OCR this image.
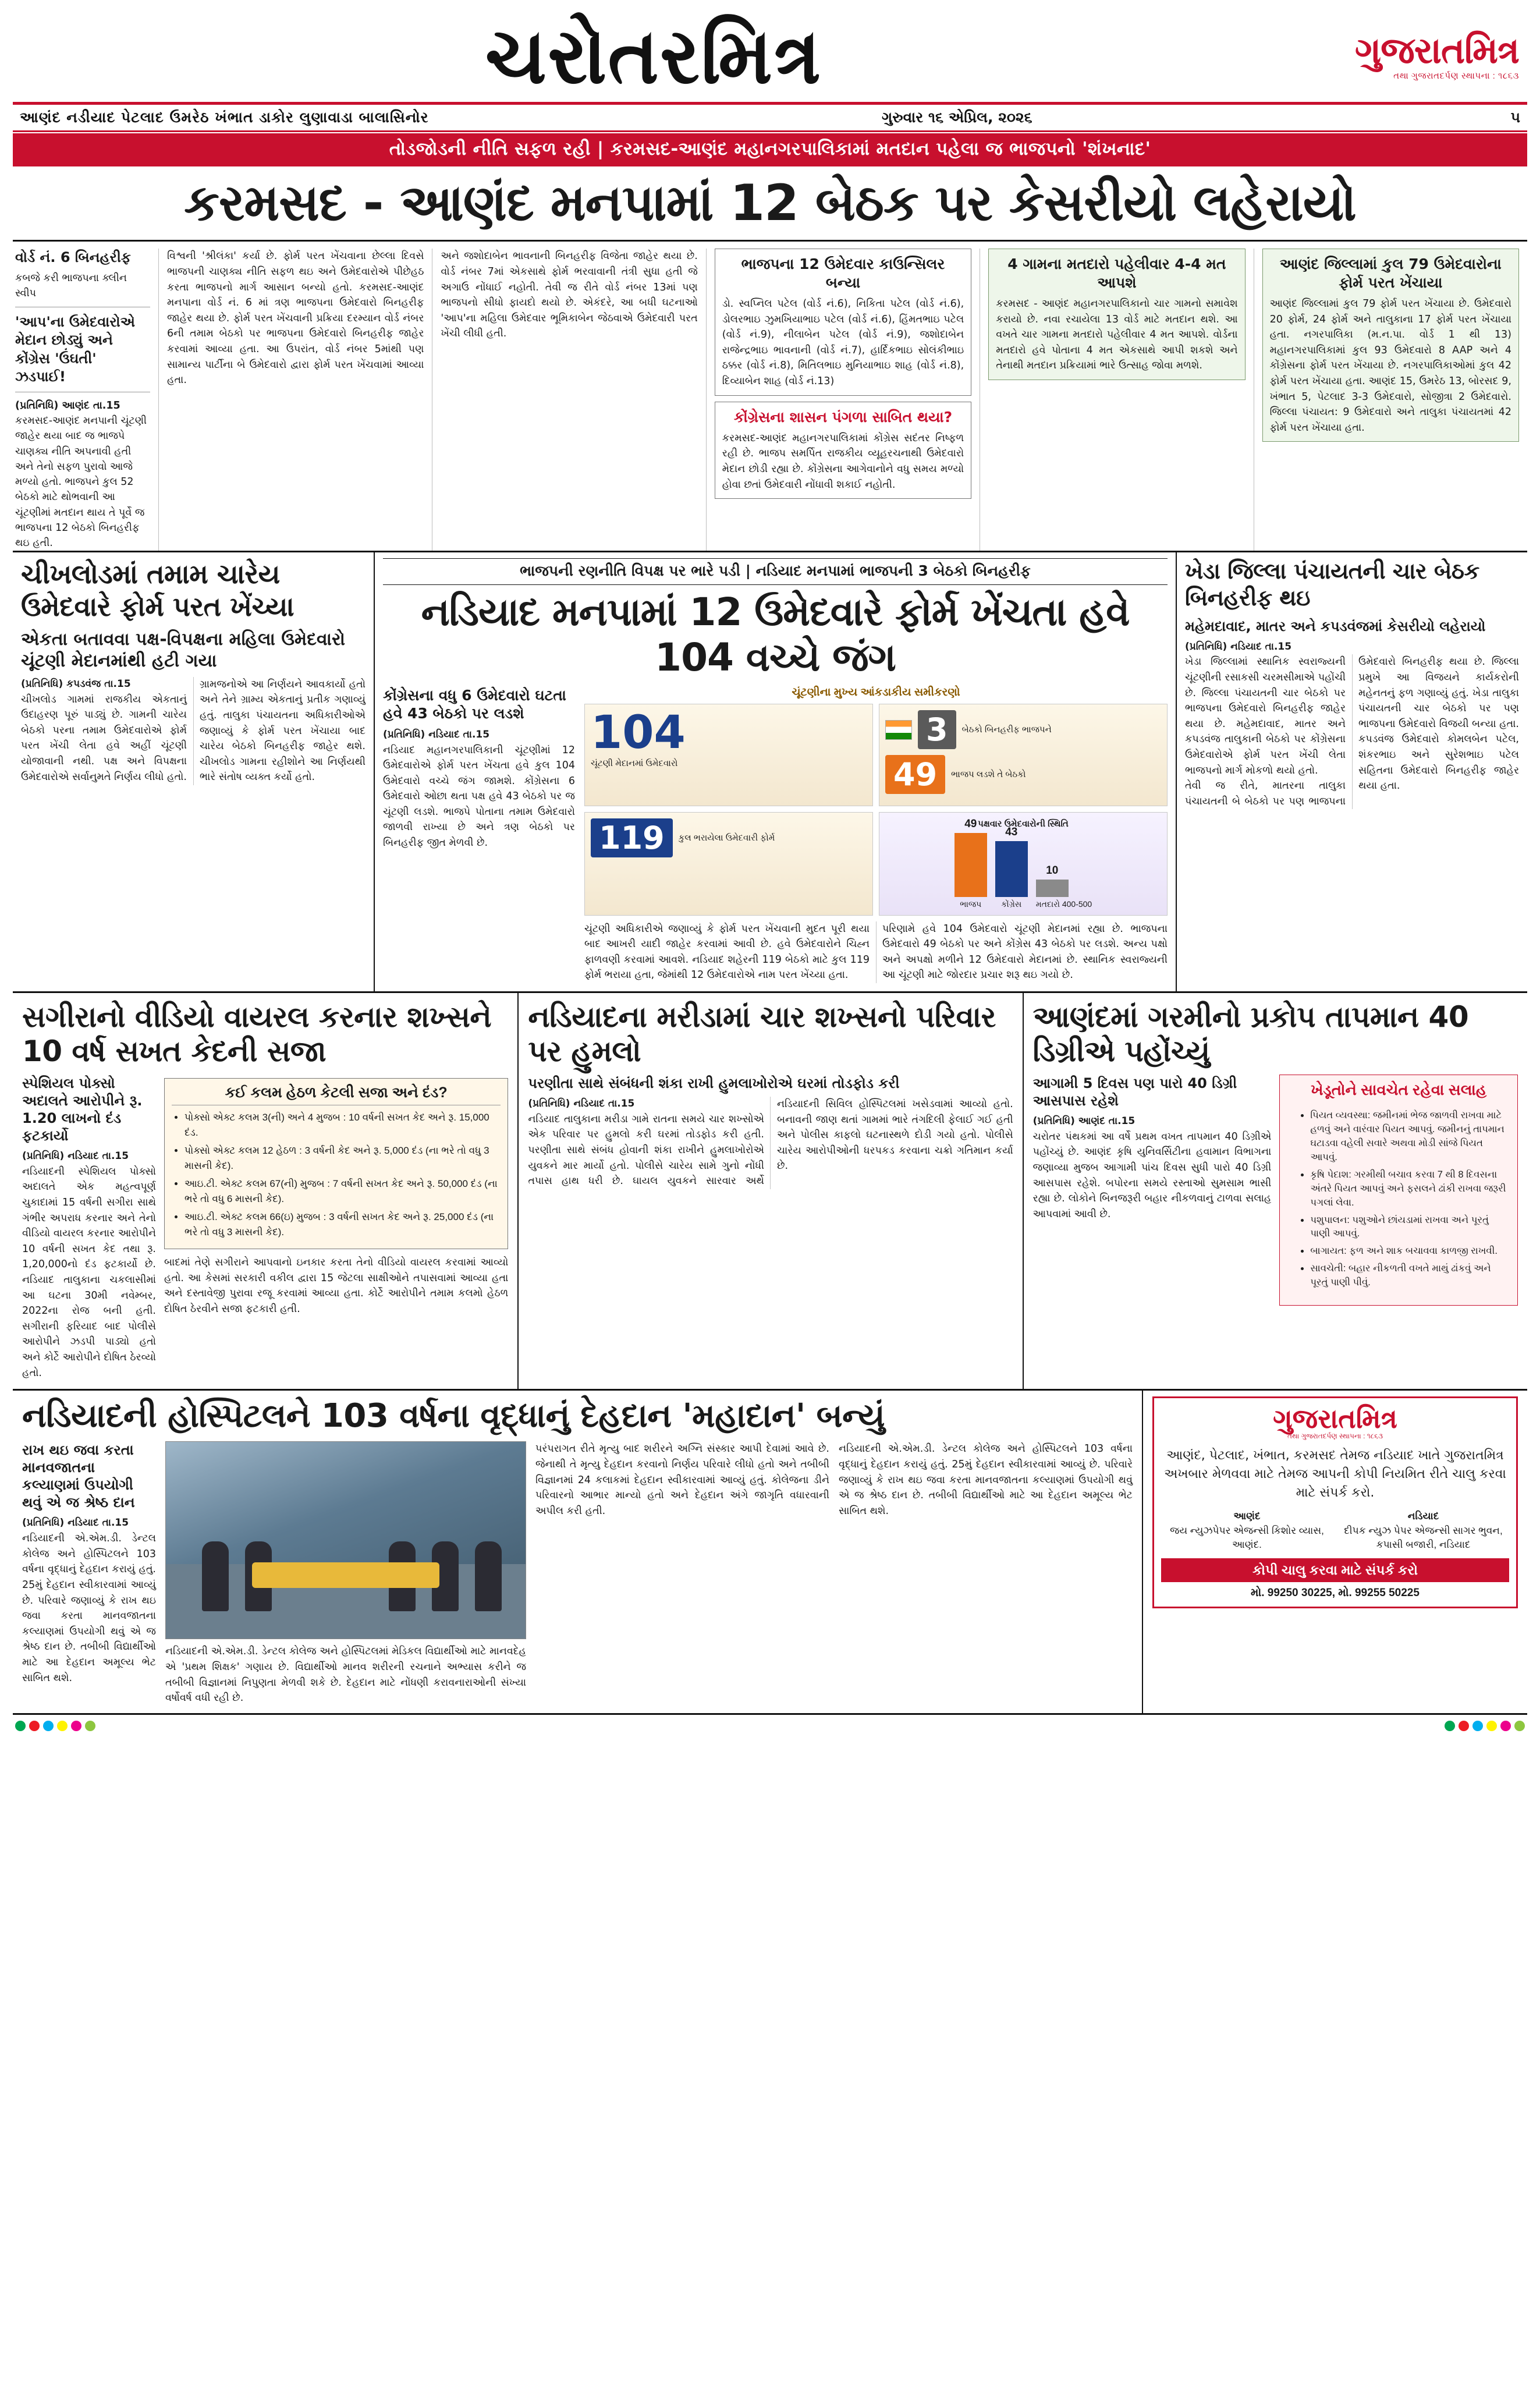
ચરોતરમિત્ર	ગુજરાતમિત્ર
તથા ગુજરાતદર્પણ સ્થાપના : ૧૮૬૩
આણંદ નડીયાદ પેટલાદ ઉમરેઠ ખંભાત ડાકોર લુણાવાડા બાલાસિનોર	ગુરુવાર ૧૬ એપ્રિલ, ૨૦૨૬	૫
તોડજોડની નીતિ સફળ રહી | કરમસદ-આણંદ મહાનગરપાલિકામાં મતદાન પહેલા જ ભાજપનો 'શંખનાદ'
કરમસદ - આણંદ મનપામાં 12 બેઠક પર કેસરીયો લહેરાયો
વોર્ડ નં. 6 બિનહરીફ
કબજે કરી ભાજપના ક્લીન સ્વીપ
'આપ'ના ઉમેદવારોએ મેદાન છોડ્યું અને કોંગ્રેસ 'ઉંઘતી' ઝડપાઈ!
(પ્રતિનિધિ) આણંદ તા.15
કરમસદ-આણંદ મનપાની ચૂંટણી જાહેર થયા બાદ જ ભાજપે ચાણક્ય નીતિ અપનાવી હતી અને તેનો સફળ પુરાવો આજે મળ્યો હતો. ભાજપને કુલ 52 બેઠકો માટે થોભવાની આ ચૂંટણીમાં મતદાન થાય તે પૂર્વે જ ભાજપના 12 બેઠકો બિનહરીફ થઇ હતી.
વિશ્વની 'શ્રીલંકા' કર્યા છે. ફોર્મ પરત ખેંચવાના છેલ્લા દિવસે ભાજપની ચાણક્ય નીતિ સફળ થઇ અને ઉમેદવારોએ પીછેહઠ કરતા ભાજપનો માર્ગ આસાન બન્યો હતો. કરમસદ-આણંદ મનપાના વોર્ડ નં. 6 માં ત્રણ ભાજપના ઉમેદવારો બિનહરીફ જાહેર થયા છે. ફોર્મ પરત ખેંચવાની પ્રક્રિયા દરમ્યાન વોર્ડ નંબર 6ની તમામ બેઠકો પર ભાજપના ઉમેદવારો બિનહરીફ જાહેર કરવામાં આવ્યા હતા. આ ઉપરાંત, વોર્ડ નંબર 5માંથી પણ સામાન્ય પાર્ટીના બે ઉમેદવારો દ્વારા ફોર્મ પરત ખેંચવામાં આવ્યા હતા.
અને જશોદાબેન ભાવનાની બિનહરીફ વિજેતા જાહેર થયા છે. વોર્ડ નંબર 7માં એકસાથે ફોર્મ ભરવાવાની તંત્રી સુધા હતી જે અગાઉ નોંધાઈ નહોતી. તેવી જ રીતે વોર્ડ નંબર 13માં પણ ભાજપનો સીધો ફાયદો થયો છે. એકંદરે, આ બધી ઘટનાઓ 'આપ'ના મહિલા ઉમેદવાર ભૂમિકાબેન જેઠવાએ ઉમેદવારી પરત ખેંચી લીધી હતી.
ભાજપના 12 ઉમેદવાર કાઉન્સિલર બન્યા
ડો. સ્વપ્નિલ પટેલ (વોર્ડ નં.6), નિકિતા પટેલ (વોર્ડ નં.6), ડોલરભાઇ ઝુમખિયાભાઇ પટેલ (વોર્ડ નં.6), હિંમતભાઇ પટેલ (વોર્ડ નં.9), નીલાબેન પટેલ (વોર્ડ નં.9), જશોદાબેન રાજેન્દ્રભાઇ ભાવનાની (વોર્ડ નં.7), હાર્દિકભાઇ સોલંકીભાઇ ઠક્કર (વોર્ડ નં.8), મિતિલભાઇ મુનિયાભાઇ શાહ (વોર્ડ નં.8), દિવ્યાબેન શાહ (વોર્ડ નં.13)
કોંગ્રેસના શાસન પંગળા સાબિત થયા?
કરમસદ-આણંદ મહાનગરપાલિકામાં કોંગ્રેસ સદંતર નિષ્ફળ રહી છે. ભાજપ સમર્પિત રાજકીય વ્યૂહરચનાથી ઉમેદવારો મેદાન છોડી રહ્યા છે. કોંગ્રેસના આગેવાનોને વધુ સમય મળ્યો હોવા છતાં ઉમેદવારી નોંધાવી શકાઈ નહોતી.
4 ગામના મતદારો પહેલીવાર 4-4 મત આપશે
કરમસદ - આણંદ મહાનગરપાલિકાનો ચાર ગામનો સમાવેશ કરાયો છે. નવા રચાયેલા 13 વોર્ડ માટે મતદાન થશે. આ વખતે ચાર ગામના મતદારો પહેલીવાર 4 મત આપશે. વોર્ડના મતદારો હવે પોતાના 4 મત એકસાથે આપી શકશે અને તેનાથી મતદાન પ્રક્રિયામાં ભારે ઉત્સાહ જોવા મળશે.
આણંદ જિલ્લામાં કુલ 79 ઉમેદવારોના ફોર્મ પરત ખેંચાયા
આણંદ જિલ્લામાં કુલ 79 ફોર્મ પરત ખેંચાયા છે. ઉમેદવારો 20 ફોર્મ, 24 ફોર્મ અને તાલુકાના 17 ફોર્મ પરત ખેંચાયા હતા. નગરપાલિકા (મ.ન.પા. વોર્ડ 1 થી 13) મહાનગરપાલિકામાં કુલ 93 ઉમેદવારો 8 AAP અને 4 કોંગ્રેસના ફોર્મ પરત ખેંચાયા છે. નગરપાલિકાઓમાં કુલ 42 ફોર્મ પરત ખેંચાયા હતા. આણંદ 15, ઉમરેઠ 13, બોરસદ 9, ખંભાત 5, પેટલાદ 3-3 ઉમેદવારો, સોજીત્રા 2 ઉમેદવારો. જિલ્લા પંચાયત: 9 ઉમેદવારો અને તાલુકા પંચાયતમાં 42 ફોર્મ પરત ખેંચાયા હતા.
ચીખલોડમાં તમામ ચારેય ઉમેદવારે ફોર્મ પરત ખેંચ્યા
એકતા બતાવવા પક્ષ-વિપક્ષના મહિલા ઉમેદવારો ચૂંટણી મેદાનમાંથી હટી ગયા
(પ્રતિનિધિ) કપડવંજ તા.15
ચીખલોડ ગામમાં રાજકીય એકતાનું ઉદાહરણ પૂરું પાડ્યું છે. ગામની ચારેય બેઠકો પરના તમામ ઉમેદવારોએ ફોર્મ પરત ખેંચી લેતા હવે અહીં ચૂંટણી યોજાવાની નથી. પક્ષ અને વિપક્ષના ઉમેદવારોએ સર્વાનુમતે નિર્ણય લીધો હતો. ગ્રામજનોએ આ નિર્ણયને આવકાર્યો હતો અને તેને ગ્રામ્ય એકતાનું પ્રતીક ગણાવ્યું હતું. તાલુકા પંચાયતના અધિકારીઓએ જણાવ્યું કે ફોર્મ પરત ખેંચાયા બાદ ચારેય બેઠકો બિનહરીફ જાહેર થશે. ચીખલોડ ગામના રહીશોને આ નિર્ણયથી ભારે સંતોષ વ્યક્ત કર્યો હતો.
ભાજપની રણનીતિ વિપક્ષ પર ભારે પડી | નડિયાદ મનપામાં ભાજપની 3 બેઠકો બિનહરીફ
નડિયાદ મનપામાં 12 ઉમેદવારે ફોર્મ ખેંચતા હવે 104 વચ્ચે જંગ
કોંગ્રેસના વધુ 6 ઉમેદવારો ઘટતા હવે 43 બેઠકો પર લડશે
(પ્રતિનિધિ) નડિયાદ તા.15
નડિયાદ મહાનગરપાલિકાની ચૂંટણીમાં 12 ઉમેદવારોએ ફોર્મ પરત ખેંચતા હવે કુલ 104 ઉમેદવારો વચ્ચે જંગ જામશે. કોંગ્રેસના 6 ઉમેદવારો ઓછા થતા પક્ષ હવે 43 બેઠકો પર જ ચૂંટણી લડશે. ભાજપે પોતાના તમામ ઉમેદવારો જાળવી રાખ્યા છે અને ત્રણ બેઠકો પર બિનહરીફ જીત મેળવી છે.
ચૂંટણીના મુખ્ય આંકડાકીય સમીકરણો
104
ચૂંટણી મેદાનમાં ઉમેદવારો
3	બેઠકો બિનહરીફ ભાજપને
49	ભાજપ લડશે તે બેઠકો
119	કુલ ભરાયેલા ઉમેદવારી ફોર્મ
પક્ષવાર ઉમેદવારોની સ્થિતિ
49
ભાજપ
43
કોંગ્રેસ
10
મતદારો 400-500
ચૂંટણી અધિકારીએ જણાવ્યું કે ફોર્મ પરત ખેંચવાની મુદત પૂરી થયા બાદ આખરી યાદી જાહેર કરવામાં આવી છે. હવે ઉમેદવારોને ચિહ્ન ફાળવણી કરવામાં આવશે. નડિયાદ શહેરની 119 બેઠકો માટે કુલ 119 ફોર્મ ભરાયા હતા, જેમાંથી 12 ઉમેદવારોએ નામ પરત ખેંચ્યા હતા.
પરિણામે હવે 104 ઉમેદવારો ચૂંટણી મેદાનમાં રહ્યા છે. ભાજપના ઉમેદવારો 49 બેઠકો પર અને કોંગ્રેસ 43 બેઠકો પર લડશે. અન્ય પક્ષો અને અપક્ષો મળીને 12 ઉમેદવારો મેદાનમાં છે. સ્થાનિક સ્વરાજ્યની આ ચૂંટણી માટે જોરદાર પ્રચાર શરૂ થઇ ગયો છે.
ખેડા જિલ્લા પંચાયતની ચાર બેઠક બિનહરીફ થઇ
મહેમદાવાદ, માતર અને કપડવંજમાં કેસરીયો લહેરાયો
(પ્રતિનિધિ) નડિયાદ તા.15
ખેડા જિલ્લામાં સ્થાનિક સ્વરાજ્યની ચૂંટણીની રસાકસી ચરમસીમાએ પહોંચી છે. જિલ્લા પંચાયતની ચાર બેઠકો પર ભાજપના ઉમેદવારો બિનહરીફ જાહેર થયા છે. મહેમદાવાદ, માતર અને કપડવંજ તાલુકાની બેઠકો પર કોંગ્રેસના ઉમેદવારોએ ફોર્મ પરત ખેંચી લેતા ભાજપનો માર્ગ મોકળો થયો હતો.
તેવી જ રીતે, માતરના તાલુકા પંચાયતની બે બેઠકો પર પણ ભાજપના ઉમેદવારો બિનહરીફ થયા છે. જિલ્લા પ્રમુખે આ વિજયને કાર્યકરોની મહેનતનું ફળ ગણાવ્યું હતું. ખેડા તાલુકા પંચાયતની ચાર બેઠકો પર પણ ભાજપના ઉમેદવારો વિજયી બન્યા હતા. કપડવંજ ઉમેદવારો કોમલબેન પટેલ, શંકરભાઇ અને સુરેશભાઇ પટેલ સહિતના ઉમેદવારો બિનહરીફ જાહેર થયા હતા.
સગીરાનો વીડિયો વાયરલ કરનાર શખ્સને 10 વર્ષ સખત કેદની સજા
સ્પેશિયલ પોક્સો અદાલતે આરોપીને રૂ. 1.20 લાખનો દંડ ફટકાર્યો
(પ્રતિનિધિ) નડિયાદ તા.15
નડિયાદની સ્પેશિયલ પોક્સો અદાલતે એક મહત્વપૂર્ણ ચુકાદામાં 15 વર્ષની સગીરા સાથે ગંભીર અપરાધ કરનાર અને તેનો વીડિયો વાયરલ કરનાર આરોપીને 10 વર્ષની સખત કેદ તથા રૂ. 1,20,000નો દંડ ફટકાર્યો છે. નડિયાદ તાલુકાના ચકલાસીમાં આ ઘટના 30મી નવેમ્બર, 2022ના રોજ બની હતી. સગીરાની ફરિયાદ બાદ પોલીસે આરોપીને ઝડપી પાડ્યો હતો અને કોર્ટે આરોપીને દોષિત ઠેરવ્યો હતો.
કઈ કલમ હેઠળ કેટલી સજા અને દંડ?
• પોક્સો એક્ટ કલમ 3(ની) અને 4 મુજબ : 10 વર્ષની સખત કેદ અને રૂ. 15,000 દંડ.
• પોક્સો એક્ટ કલમ 12 હેઠળ : 3 વર્ષની કેદ અને રૂ. 5,000 દંડ (ના ભરે તો વધુ 3 માસની કેદ).
• આઇ.ટી. એક્ટ કલમ 67(ની) મુજબ : 7 વર્ષની સખત કેદ અને રૂ. 50,000 દંડ (ના ભરે તો વધુ 6 માસની કેદ).
• આઇ.ટી. એક્ટ કલમ 66(ઇ) મુજબ : 3 વર્ષની સખત કેદ અને રૂ. 25,000 દંડ (ના ભરે તો વધુ 3 માસની કેદ).
બાદમાં તેણે સગીરાને આપવાનો ઇનકાર કરતા તેનો વીડિયો વાયરલ કરવામાં આવ્યો હતો. આ કેસમાં સરકારી વકીલ દ્વારા 15 જેટલા સાક્ષીઓને તપાસવામાં આવ્યા હતા અને દસ્તાવેજી પુરાવા રજૂ કરવામાં આવ્યા હતા. કોર્ટે આરોપીને તમામ કલમો હેઠળ દોષિત ઠેરવીને સજા ફટકારી હતી.
નડિયાદના મરીડામાં ચાર શખ્સનો પરિવાર પર હુમલો
પરણીતા સાથે સંબંધની શંકા રાખી હુમલાખોરોએ ઘરમાં તોડફોડ કરી
(પ્રતિનિધિ) નડિયાદ તા.15
નડિયાદ તાલુકાના મરીડા ગામે રાતના સમયે ચાર શખ્સોએ એક પરિવાર પર હુમલો કરી ઘરમાં તોડફોડ કરી હતી. પરણીતા સાથે સંબંધ હોવાની શંકા રાખીને હુમલાખોરોએ યુવકને માર માર્યો હતો. પોલીસે ચારેય સામે ગુનો નોંધી તપાસ હાથ ધરી છે. ઘાયલ યુવકને સારવાર અર્થે નડિયાદની સિવિલ હોસ્પિટલમાં ખસેડવામાં આવ્યો હતો. બનાવની જાણ થતાં ગામમાં ભારે તંગદિલી ફેલાઈ ગઈ હતી અને પોલીસ કાફલો ઘટનાસ્થળે દોડી ગયો હતો. પોલીસે ચારેય આરોપીઓની ધરપકડ કરવાના ચક્રો ગતિમાન કર્યા છે.
આણંદમાં ગરમીનો પ્રકોપ તાપમાન 40 ડિગ્રીએ પહોંચ્યું
આગામી 5 દિવસ પણ પારો 40 ડિગ્રી આસપાસ રહેશે
(પ્રતિનિધિ) આણંદ તા.15
ચરોતર પંથકમાં આ વર્ષે પ્રથમ વખત તાપમાન 40 ડિગ્રીએ પહોંચ્યું છે. આણંદ કૃષિ યુનિવર્સિટીના હવામાન વિભાગના જણાવ્યા મુજબ આગામી પાંચ દિવસ સુધી પારો 40 ડિગ્રી આસપાસ રહેશે. બપોરના સમયે રસ્તાઓ સુમસામ ભાસી રહ્યા છે. લોકોને બિનજરૂરી બહાર નીકળવાનું ટાળવા સલાહ આપવામાં આવી છે.
ખેડૂતોને સાવચેત રહેવા સલાહ
• પિયત વ્યવસ્થા: જમીનમાં ભેજ જાળવી રાખવા માટે હળવું અને વારંવાર પિયત આપવું. જમીનનું તાપમાન ઘટાડવા વહેલી સવારે અથવા મોડી સાંજે પિયત આપવું.
• કૃષિ પેદાશ: ગરમીથી બચાવ કરવા 7 થી 8 દિવસના અંતરે પિયત આપવું અને ફસલને ઢાંકી રાખવા જરૂરી પગલાં લેવા.
• પશુપાલન: પશુઓને છાંયડામાં રાખવા અને પૂરતું પાણી આપવું.
• બાગાયત: ફળ અને શાક બચાવવા કાળજી રાખવી.
• સાવચેતી: બહાર નીકળતી વખતે માથું ઢાંકવું અને પૂરતું પાણી પીવું.
નડિયાદની હોસ્પિટલને 103 વર્ષના વૃદ્ધાનું દેહદાન 'મહાદાન' બન્યું
રાખ થઇ જવા કરતા માનવજાતના કલ્યાણમાં ઉપયોગી થવું એ જ શ્રેષ્ઠ દાન
(પ્રતિનિધિ) નડિયાદ તા.15
નડિયાદની એ.એમ.ડી. ડેન્ટલ કોલેજ અને હોસ્પિટલને 103 વર્ષના વૃદ્ધાનું દેહદાન કરાયું હતું. 25મું દેહદાન સ્વીકારવામાં આવ્યું છે. પરિવારે જણાવ્યું કે રાખ થઇ જવા કરતા માનવજાતના કલ્યાણમાં ઉપયોગી થવું એ જ શ્રેષ્ઠ દાન છે. તબીબી વિદ્યાર્થીઓ માટે આ દેહદાન અમૂલ્ય ભેટ સાબિત થશે.
નડિયાદની એ.એમ.ડી. ડેન્ટલ કોલેજ અને હોસ્પિટલમાં મેડિકલ વિદ્યાર્થીઓ માટે માનવદેહ એ 'પ્રથમ શિક્ષક' ગણાય છે. વિદ્યાર્થીઓ માનવ શરીરની રચનાને અભ્યાસ કરીને જ તબીબી વિજ્ઞાનમાં નિપુણતા મેળવી શકે છે. દેહદાન માટે નોંધણી કરાવનારાઓની સંખ્યા વર્ષોવર્ષ વધી રહી છે.
પરંપરાગત રીતે મૃત્યુ બાદ શરીરને અગ્નિ સંસ્કાર આપી દેવામાં આવે છે. જેનાથી તે મૃત્યુ દેહદાન કરવાનો નિર્ણય પરિવારે લીધો હતો અને તબીબી વિજ્ઞાનમાં 24 કલાકમાં દેહદાન સ્વીકારવામાં આવ્યું હતું. કોલેજના ડીને પરિવારનો આભાર માન્યો હતો અને દેહદાન અંગે જાગૃતિ વધારવાની અપીલ કરી હતી.
નડિયાદની એ.એમ.ડી. ડેન્ટલ કોલેજ અને હોસ્પિટલને 103 વર્ષના વૃદ્ધાનું દેહદાન કરાયું હતું. 25મું દેહદાન સ્વીકારવામાં આવ્યું છે. પરિવારે જણાવ્યું કે રાખ થઇ જવા કરતા માનવજાતના કલ્યાણમાં ઉપયોગી થવું એ જ શ્રેષ્ઠ દાન છે. તબીબી વિદ્યાર્થીઓ માટે આ દેહદાન અમૂલ્ય ભેટ સાબિત થશે.
ગુજરાતમિત્ર
તથા ગુજરાતદર્પણ સ્થાપના : ૧૮૬૩
આણંદ, પેટલાદ, ખંભાત, કરમસદ તેમજ નડિયાદ ખાતે ગુજરાતમિત્ર અખબાર મેળવવા માટે તેમજ આપની કોપી નિયમિત રીતે ચાલુ કરવા માટે સંપર્ક કરો.
આણંદ
જય ન્યુઝપેપર એજન્સી કિશોર વ્યાસ, આણંદ.
નડિયાદ
દીપક ન્યુઝ પેપર એજન્સી સાગર ભુવન, કપાસી બજારી, નડિયાદ
કોપી ચાલુ કરવા માટે સંપર્ક કરો
મો. 99250 30225, મો. 99255 50225
